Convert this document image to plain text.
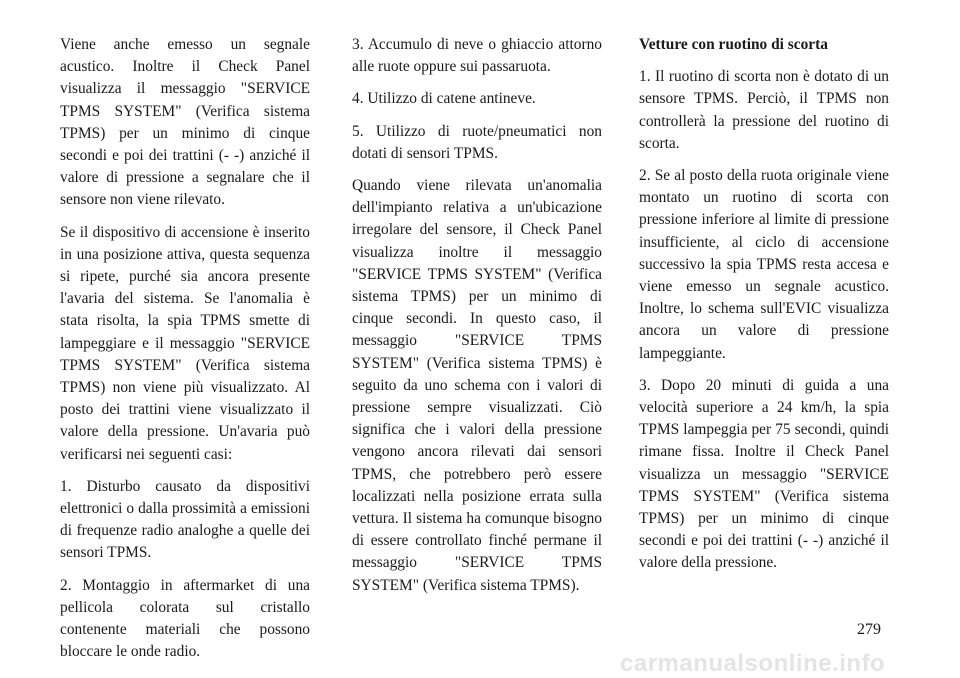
Viene anche emesso un segnale acustico. Inoltre il Check Panel visualizza il messaggio "SERVICE TPMS SYSTEM" (Verifica sistema TPMS) per un minimo di cinque secondi e poi dei trattini (- -) anziché il valore di pressione a segnalare che il sensore non viene rilevato.

Se il dispositivo di accensione è inserito in una posizione attiva, questa sequenza si ripete, purché sia ancora presente l'avaria del sistema. Se l'anomalia è stata risolta, la spia TPMS smette di lampeggiare e il messaggio "SERVICE TPMS SYSTEM" (Verifica sistema TPMS) non viene più visualizzato. Al posto dei trattini viene visualizzato il valore della pressione. Un'avaria può verificarsi nei seguenti casi:

1. Disturbo causato da dispositivi elettronici o dalla prossimità a emissioni di frequenze radio analoghe a quelle dei sensori TPMS.

2. Montaggio in aftermarket di una pellicola colorata sul cristallo contenente materiali che possono bloccare le onde radio.

3. Accumulo di neve o ghiaccio attorno alle ruote oppure sui passaruota.

4. Utilizzo di catene antineve.

5. Utilizzo di ruote/pneumatici non dotati di sensori TPMS.

Quando viene rilevata un'anomalia dell'impianto relativa a un'ubicazione irregolare del sensore, il Check Panel visualizza inoltre il messaggio "SERVICE TPMS SYSTEM" (Verifica sistema TPMS) per un minimo di cinque secondi. In questo caso, il messaggio "SERVICE TPMS SYSTEM" (Verifica sistema TPMS) è seguito da uno schema con i valori di pressione sempre visualizzati. Ciò significa che i valori della pressione vengono ancora rilevati dai sensori TPMS, che potrebbero però essere localizzati nella posizione errata sulla vettura. Il sistema ha comunque bisogno di essere controllato finché permane il messaggio "SERVICE TPMS SYSTEM" (Verifica sistema TPMS).

Vetture con ruotino di scorta

1. Il ruotino di scorta non è dotato di un sensore TPMS. Perciò, il TPMS non controllerà la pressione del ruotino di scorta.

2. Se al posto della ruota originale viene montato un ruotino di scorta con pressione inferiore al limite di pressione insufficiente, al ciclo di accensione successivo la spia TPMS resta accesa e viene emesso un segnale acustico. Inoltre, lo schema sull'EVIC visualizza ancora un valore di pressione lampeggiante.

3. Dopo 20 minuti di guida a una velocità superiore a 24 km/h, la spia TPMS lampeggia per 75 secondi, quindi rimane fissa. Inoltre il Check Panel visualizza un messaggio "SERVICE TPMS SYSTEM" (Verifica sistema TPMS) per un minimo di cinque secondi e poi dei trattini (- -) anziché il valore della pressione.

279
carmanualsonline.info
